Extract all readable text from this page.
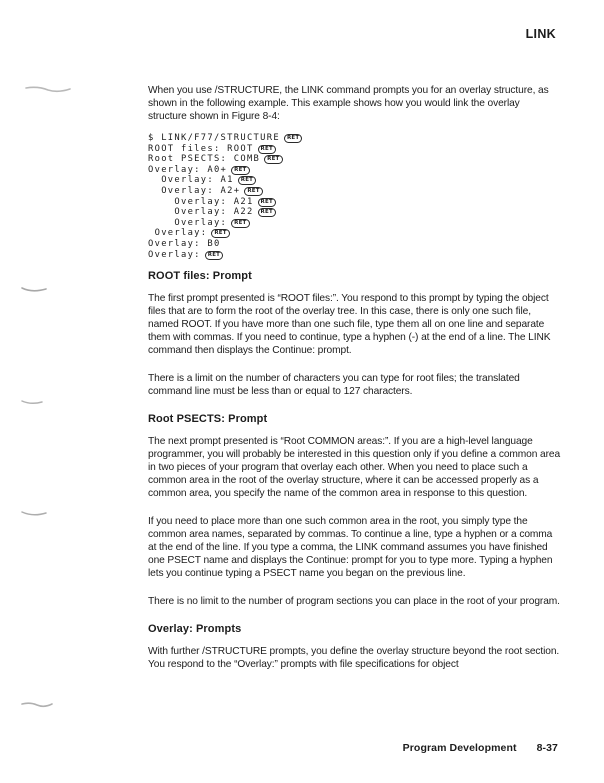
LINK

When you use /STRUCTURE, the LINK command prompts you for an overlay structure, as shown in the following example. This example shows how you would link the overlay structure shown in Figure 8-4:

$ LINK/F77/STRUCTURE RET
ROOT files: ROOT RET
Root PSECTS: COMB RET
Overlay: A0+ RET
Overlay: A1 RET
Overlay: A2+ RET
Overlay: A21 RET
Overlay: A22 RET
Overlay: RET
Overlay: RET
Overlay: B0
Overlay: RET
ROOT files: Prompt

The first prompt presented is “ROOT files:”. You respond to this prompt by typing the object files that are to form the root of the overlay tree. In this case, there is only one such file, named ROOT. If you have more than one such file, type them all on one line and separate them with commas. If you need to continue, type a hyphen (-) at the end of a line. The LINK command then displays the Continue: prompt.

There is a limit on the number of characters you can type for root files; the translated command line must be less than or equal to 127 characters.

Root PSECTS: Prompt

The next prompt presented is “Root COMMON areas:”. If you are a high-level language programmer, you will probably be interested in this question only if you define a common area in two pieces of your program that overlay each other. When you need to place such a common area in the root of the overlay structure, where it can be accessed properly as a common area, you specify the name of the common area in response to this question.

If you need to place more than one such common area in the root, you simply type the common area names, separated by commas. To continue a line, type a hyphen or a comma at the end of the line. If you type a comma, the LINK command assumes you have finished one PSECT name and displays the Continue: prompt for you to type more. Typing a hyphen lets you continue typing a PSECT name you began on the previous line.

There is no limit to the number of program sections you can place in the root of your program.

Overlay: Prompts

With further /STRUCTURE prompts, you define the overlay structure beyond the root section. You respond to the “Overlay:” prompts with file specifications for object

Program Development 8-37
